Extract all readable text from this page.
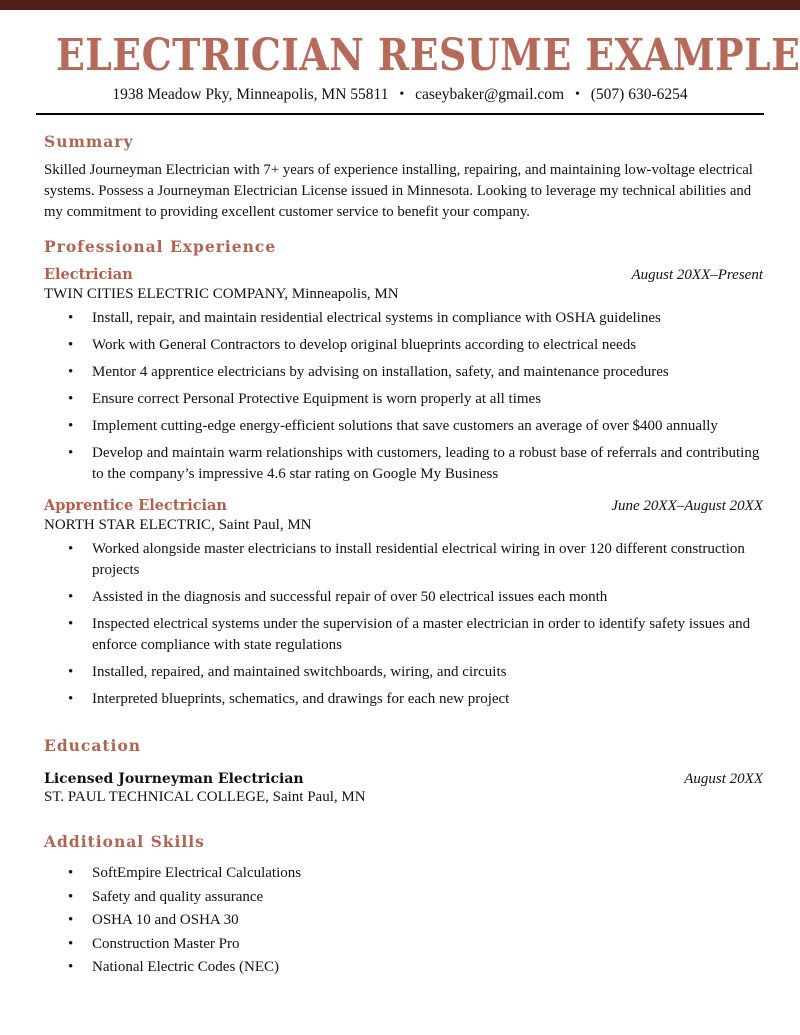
ELECTRICIAN RESUME EXAMPLE
1938 Meadow Pky, Minneapolis, MN 55811 • caseybaker@gmail.com • (507) 630-6254
Summary

Skilled Journeyman Electrician with 7+ years of experience installing, repairing, and maintaining low-voltage electrical systems. Possess a Journeyman Electrician License issued in Minnesota. Looking to leverage my technical abilities and my commitment to providing excellent customer service to benefit your company.

Professional Experience
Electrician	August 20XX–Present
TWIN CITIES ELECTRIC COMPANY, Minneapolis, MN
• Install, repair, and maintain residential electrical systems in compliance with OSHA guidelines
• Work with General Contractors to develop original blueprints according to electrical needs
• Mentor 4 apprentice electricians by advising on installation, safety, and maintenance procedures
• Ensure correct Personal Protective Equipment is worn properly at all times
• Implement cutting-edge energy-efficient solutions that save customers an average of over $400 annually
• Develop and maintain warm relationships with customers, leading to a robust base of referrals and contributing to the company’s impressive 4.6 star rating on Google My Business
Apprentice Electrician	June 20XX–August 20XX
NORTH STAR ELECTRIC, Saint Paul, MN
• Worked alongside master electricians to install residential electrical wiring in over 120 different construction projects
• Assisted in the diagnosis and successful repair of over 50 electrical issues each month
• Inspected electrical systems under the supervision of a master electrician in order to identify safety issues and enforce compliance with state regulations
• Installed, repaired, and maintained switchboards, wiring, and circuits
• Interpreted blueprints, schematics, and drawings for each new project
Education
Licensed Journeyman Electrician	August 20XX
ST. PAUL TECHNICAL COLLEGE, Saint Paul, MN
Additional Skills
• SoftEmpire Electrical Calculations
• Safety and quality assurance
• OSHA 10 and OSHA 30
• Construction Master Pro
• National Electric Codes (NEC)
